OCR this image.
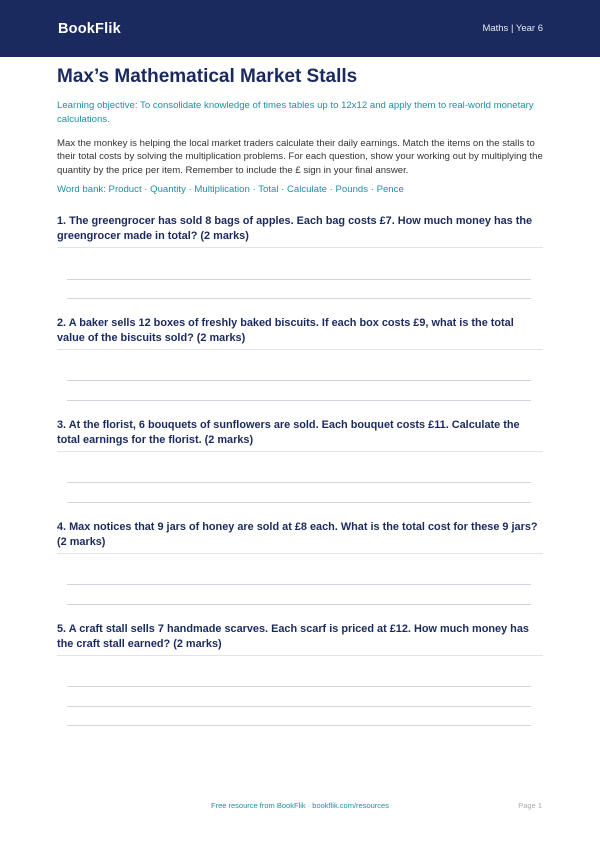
BookFlik	Maths | Year 6
Max’s Mathematical Market Stalls

Learning objective: To consolidate knowledge of times tables up to 12x12 and apply them to real-world monetary calculations.

Max the monkey is helping the local market traders calculate their daily earnings. Match the items on the stalls to their total costs by solving the multiplication problems. For each question, show your working out by multiplying the quantity by the price per item. Remember to include the £ sign in your final answer.

Word bank: Product · Quantity · Multiplication · Total · Calculate · Pounds · Pence

1. The greengrocer has sold 8 bags of apples. Each bag costs £7. How much money has the greengrocer made in total? (2 marks)

2. A baker sells 12 boxes of freshly baked biscuits. If each box costs £9, what is the total value of the biscuits sold? (2 marks)

3. At the florist, 6 bouquets of sunflowers are sold. Each bouquet costs £11. Calculate the total earnings for the florist. (2 marks)

4. Max notices that 9 jars of honey are sold at £8 each. What is the total cost for these 9 jars? (2 marks)

5. A craft stall sells 7 handmade scarves. Each scarf is priced at £12. How much money has the craft stall earned? (2 marks)

Free resource from BookFlik · bookflik.com/resources	Page 1
